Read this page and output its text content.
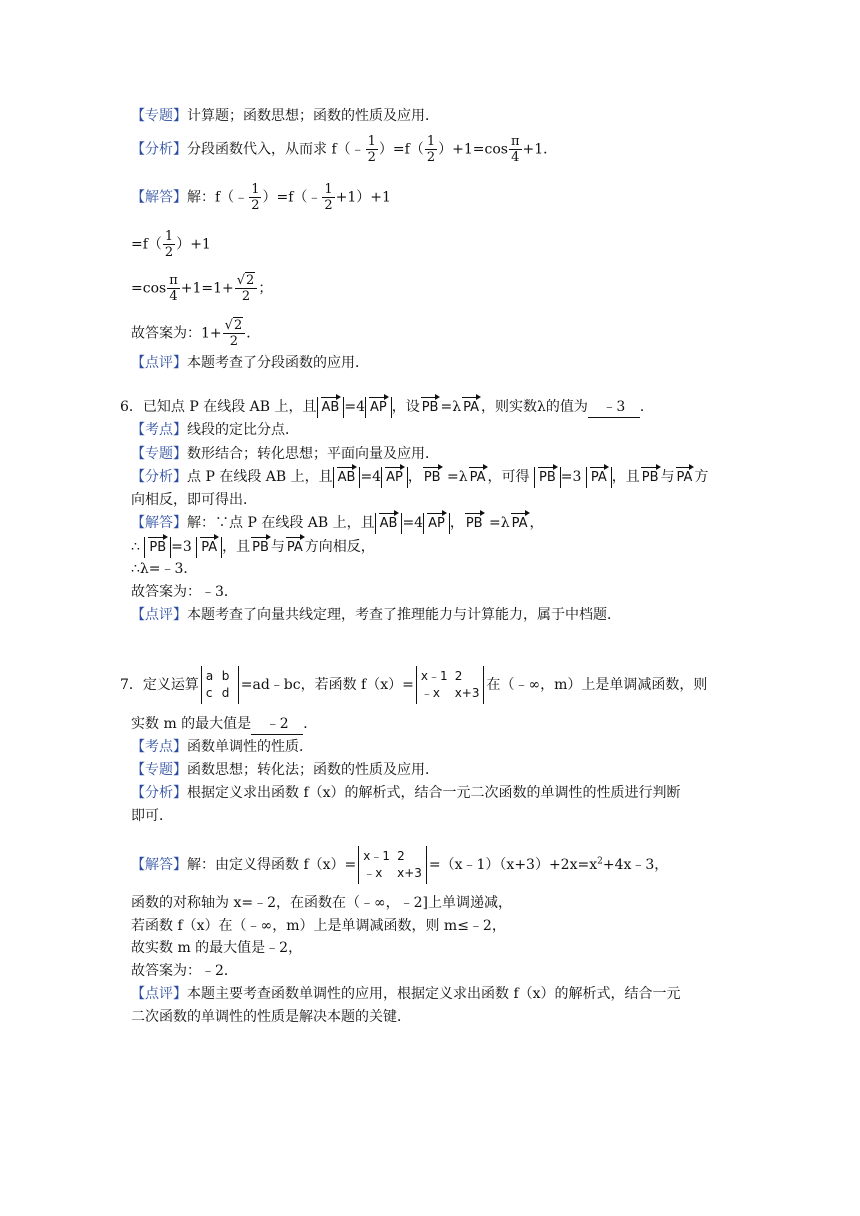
【专题】计算题；函数思想；函数的性质及应用．
【分析】分段函数代入，从而求 f（﹣ $\frac{1}{2} )=f( \frac{1}{2} )+1=\cos \frac{\pi}{4} +1$．
【解答】解：f（﹣ $\frac{1}{2}$ ）=f（﹣ $\frac{1}{2} +1)+1$
$=f( \frac{1}{2} )+1$
$=\cos \frac{\pi}{4} +1=1+ \frac{√2}{2}$ ；
故答案为：$1+ \frac{√2}{2}$ ．
【点评】本题考查了分段函数的应用．
6．已知点 P 在线段 AB 上，且 AB =4 AP ，设 PB =λ PA ，则实数λ的值为 ﹣3 ．
【考点】线段的定比分点．
【专题】数形结合；转化思想；平面向量及应用．
【分析】点 P 在线段 AB 上，且 AB =4 AP ， PB =λ PA ，可得 PB =3 PA ，且 PB 与 PA 方
向相反，即可得出．
【解答】解：∵点 P 在线段 AB 上，且 AB =4 AP ， PB =λ PA ，
∴ PB =3 PA ，且 PB 与 PA 方向相反，
∴λ=﹣3．
故答案为：﹣3．
【点评】本题考查了向量共线定理，考查了推理能力与计算能力，属于中档题．
7．定义运算
a b
c d =ad﹣bc，若函数 f（x）=
x﹣1 2
﹣x x+3 在（﹣∞，m）上是单调减函数，则
实数 m 的最大值是 ﹣2 ．
【考点】函数单调性的性质．
【专题】函数思想；转化法；函数的性质及应用．
【分析】根据定义求出函数 f（x）的解析式，结合一元二次函数的单调性的性质进行判断
即可．
【解答】解：由定义得函数 f（x）=
x﹣1 2
﹣x $x+3 =(x﹣1)(x+3)+2x=x^2+4x﹣3$，
函数的对称轴为 x=﹣2，在函数在（﹣∞，﹣2]上单调递减，
若函数 f（x）在（﹣∞，m）上是单调减函数，则 m≤﹣2，
故实数 m 的最大值是﹣2，
故答案为：﹣2．
【点评】本题主要考查函数单调性的应用，根据定义求出函数 f（x）的解析式，结合一元
二次函数的单调性的性质是解决本题的关键．
